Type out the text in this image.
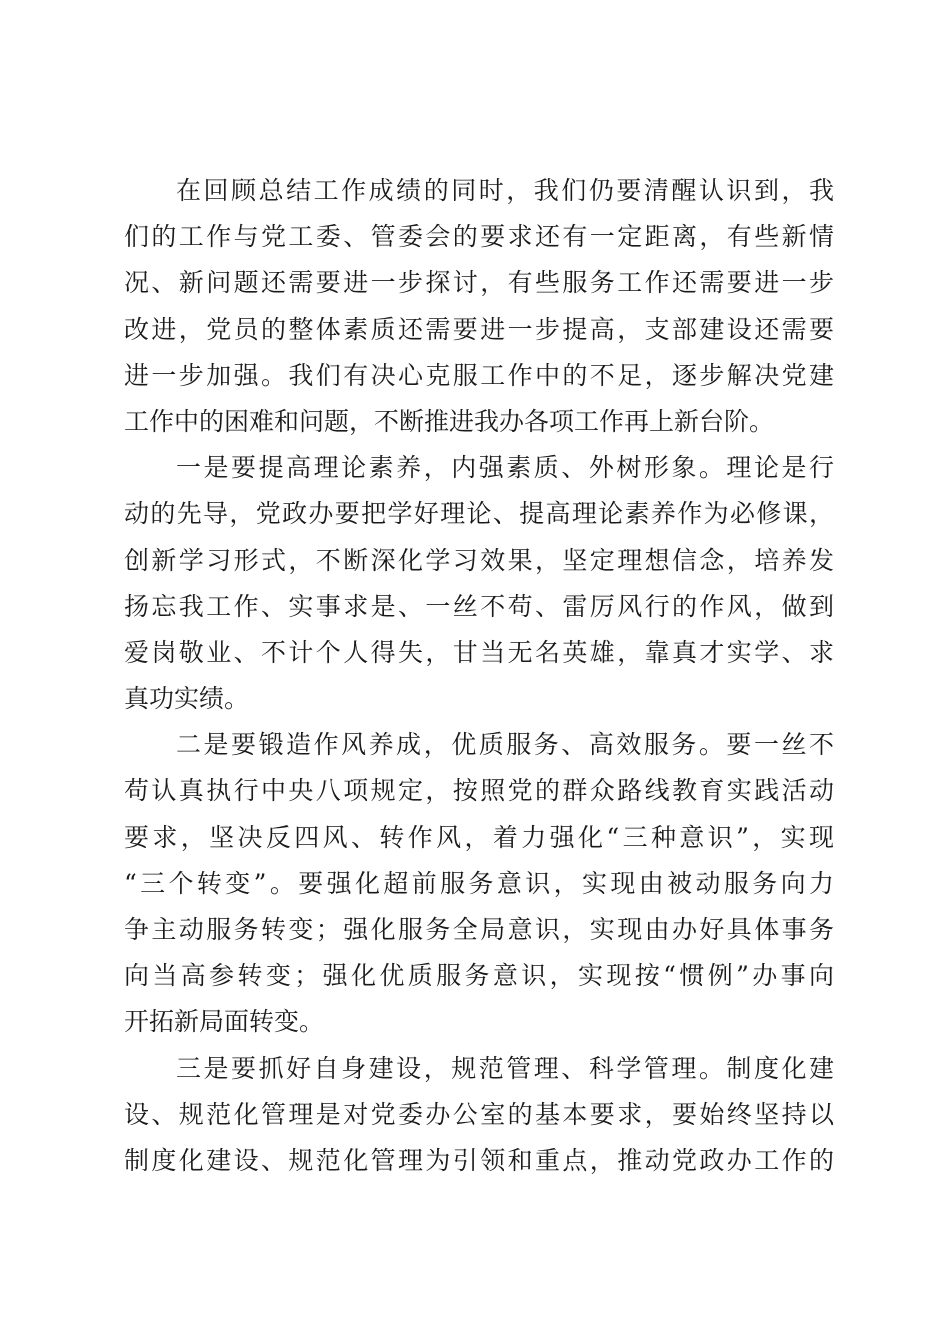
在回顾总结工作成绩的同时，我们仍要清醒认识到，我
们的工作与党工委、管委会的要求还有一定距离，有些新情
况、新问题还需要进一步探讨，有些服务工作还需要进一步
改进，党员的整体素质还需要进一步提高，支部建设还需要
进一步加强。我们有决心克服工作中的不足，逐步解决党建
工作中的困难和问题，不断推进我办各项工作再上新台阶。
一是要提高理论素养，内强素质、外树形象。理论是行
动的先导，党政办要把学好理论、提高理论素养作为必修课，
创新学习形式，不断深化学习效果，坚定理想信念，培养发
扬忘我工作、实事求是、一丝不苟、雷厉风行的作风，做到
爱岗敬业、不计个人得失，甘当无名英雄，靠真才实学、求
真功实绩。
二是要锻造作风养成，优质服务、高效服务。要一丝不
苟认真执行中央八项规定，按照党的群众路线教育实践活动
要求，坚决反四风、转作风，着力强化“三种意识”，实现
“三个转变”。要强化超前服务意识，实现由被动服务向力
争主动服务转变；强化服务全局意识，实现由办好具体事务
向当高参转变；强化优质服务意识，实现按“惯例”办事向
开拓新局面转变。
三是要抓好自身建设，规范管理、科学管理。制度化建
设、规范化管理是对党委办公室的基本要求，要始终坚持以
制度化建设、规范化管理为引领和重点，推动党政办工作的
